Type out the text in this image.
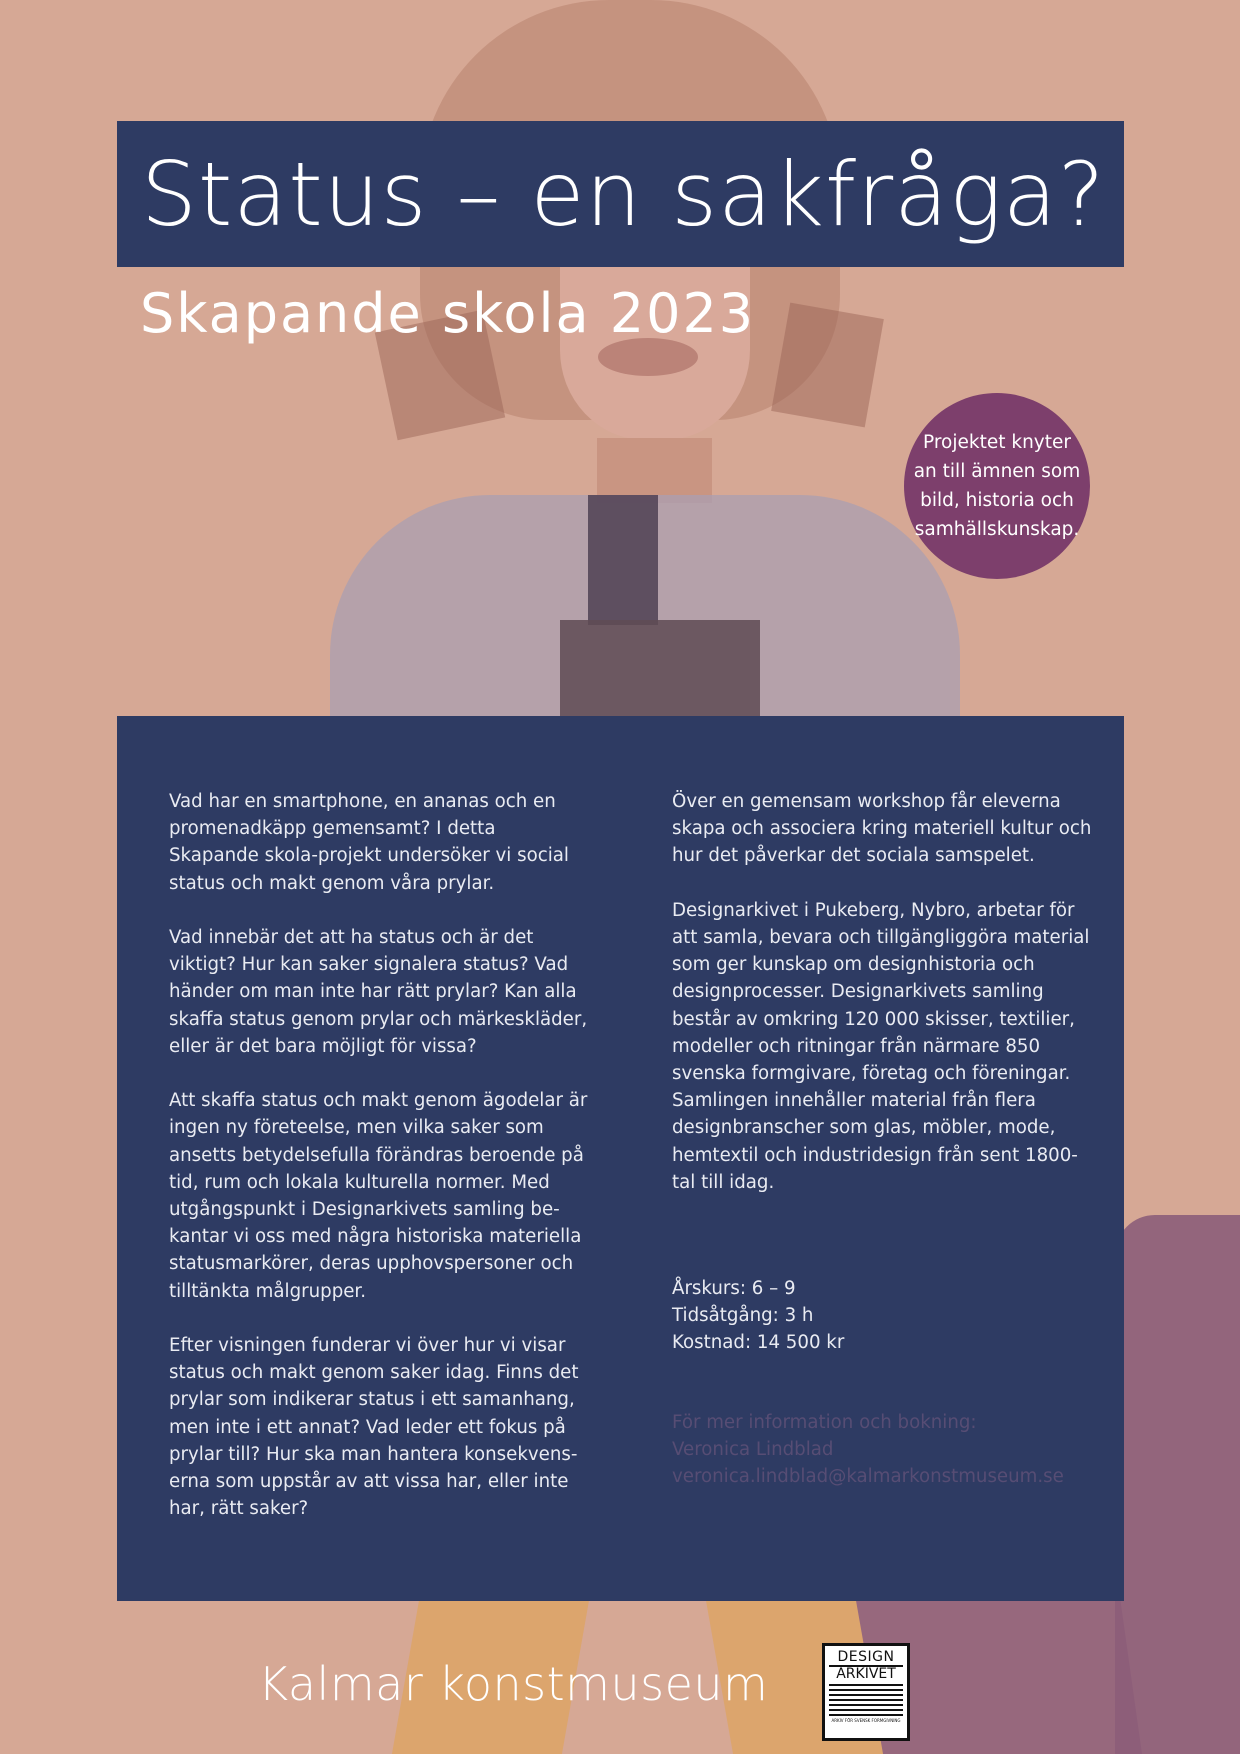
Status – en sakfråga?
Skapande skola 2023
Projektet knyter an till ämnen som bild, historia och samhällskunskap.

Vad har en smartphone, en ananas och en promenadkäpp gemensamt? I detta Skapande skola-projekt undersöker vi social status och makt genom våra prylar.

Vad innebär det att ha status och är det viktigt? Hur kan saker signalera status? Vad händer om man inte har rätt prylar? Kan alla skaffa status genom prylar och märkeskläder, eller är det bara möjligt för vissa?

Att skaffa status och makt genom ägodelar är ingen ny företeelse, men vilka saker som ansetts betydelsefulla förändras beroende på tid, rum och lokala kulturella normer. Med utgångspunkt i Designarkivets samling bekantar vi oss med några historiska materiella statusmarkörer, deras upphovspersoner och tilltänkta målgrupper.

Efter visningen funderar vi över hur vi visar status och makt genom saker idag. Finns det prylar som indikerar status i ett samanhang, men inte i ett annat? Vad leder ett fokus på prylar till? Hur ska man hantera konsekvenserna som uppstår av att vissa har, eller inte har, rätt saker?

Över en gemensam workshop får eleverna skapa och associera kring materiell kultur och hur det påverkar det sociala samspelet.

Designarkivet i Pukeberg, Nybro, arbetar för att samla, bevara och tillgängliggöra material som ger kunskap om designhistoria och designprocesser. Designarkivets samling består av omkring 120 000 skisser, textilier, modeller och ritningar från närmare 850 svenska formgivare, företag och föreningar. Samlingen innehåller material från flera designbranscher som glas, möbler, mode, hemtextil och industridesign från sent 1800-tal till idag.

Årskurs: 6 – 9
Tidsåtgång: 3 h
Kostnad: 14 500 kr
För mer information och bokning:
Veronica Lindblad
veronica.lindblad@kalmarkonstmuseum.se
Kalmar konstmuseum	DESIGN
ARKIVET
ARKIV FÖR SVENSK FORMGIVNING
